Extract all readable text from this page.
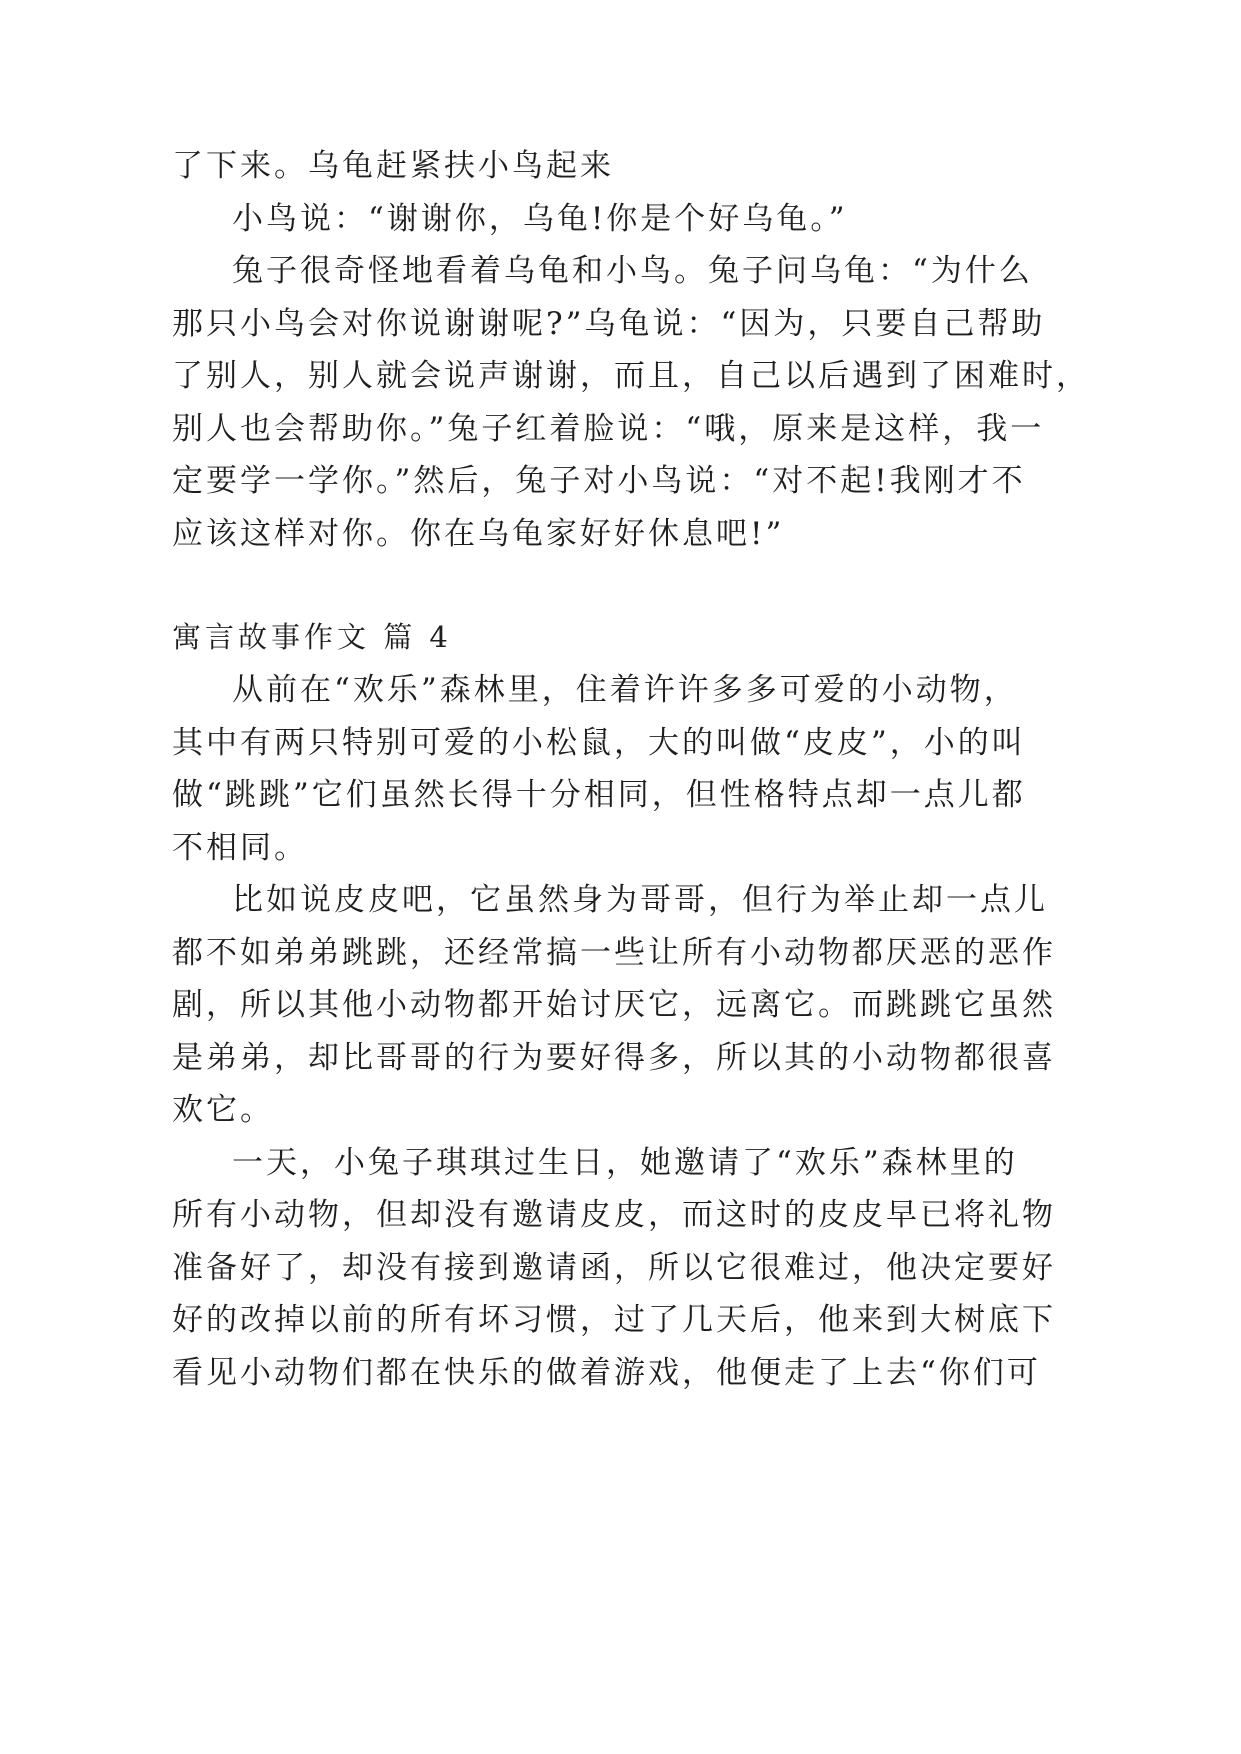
了下来。乌龟赶紧扶小鸟起来

小鸟说：“谢谢你，乌龟!你是个好乌龟。”

兔子很奇怪地看着乌龟和小鸟。兔子问乌龟：“为什么

那只小鸟会对你说谢谢呢?”乌龟说：“因为，只要自己帮助

了别人，别人就会说声谢谢，而且，自己以后遇到了困难时，

别人也会帮助你。”兔子红着脸说：“哦，原来是这样，我一

定要学一学你。”然后，兔子对小鸟说：“对不起!我刚才不

应该这样对你。你在乌龟家好好休息吧!”

寓言故事作文 篇 4

从前在“欢乐”森林里，住着许许多多可爱的小动物，

其中有两只特别可爱的小松鼠，大的叫做“皮皮”，小的叫

做“跳跳”它们虽然长得十分相同，但性格特点却一点儿都

不相同。

比如说皮皮吧，它虽然身为哥哥，但行为举止却一点儿

都不如弟弟跳跳，还经常搞一些让所有小动物都厌恶的恶作

剧，所以其他小动物都开始讨厌它，远离它。而跳跳它虽然

是弟弟，却比哥哥的行为要好得多，所以其的小动物都很喜

欢它。

一天，小兔子琪琪过生日，她邀请了“欢乐”森林里的

所有小动物，但却没有邀请皮皮，而这时的皮皮早已将礼物

准备好了，却没有接到邀请函，所以它很难过，他决定要好

好的改掉以前的所有坏习惯，过了几天后，他来到大树底下

看见小动物们都在快乐的做着游戏，他便走了上去“你们可
